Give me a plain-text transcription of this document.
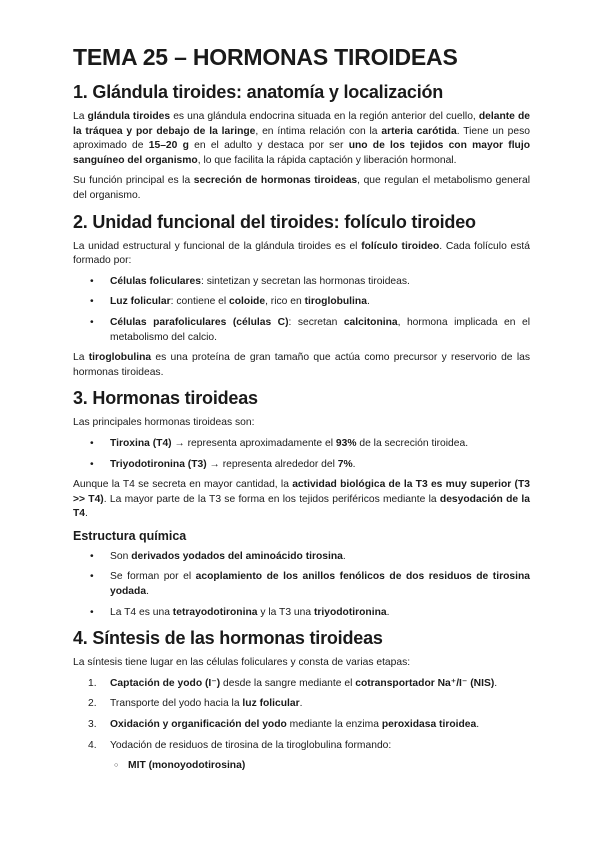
TEMA 25 – HORMONAS TIROIDEAS
1. Glándula tiroides: anatomía y localización

La glándula tiroides es una glándula endocrina situada en la región anterior del cuello, delante de la tráquea y por debajo de la laringe, en íntima relación con la arteria carótida. Tiene un peso aproximado de 15–20 g en el adulto y destaca por ser uno de los tejidos con mayor flujo sanguíneo del organismo, lo que facilita la rápida captación y liberación hormonal.

Su función principal es la secreción de hormonas tiroideas, que regulan el metabolismo general del organismo.

2. Unidad funcional del tiroides: folículo tiroideo

La unidad estructural y funcional de la glándula tiroides es el folículo tiroideo. Cada folículo está formado por:

• Células foliculares: sintetizan y secretan las hormonas tiroideas.
• Luz folicular: contiene el coloide, rico en tiroglobulina.
• Células parafoliculares (células C): secretan calcitonina, hormona implicada en el metabolismo del calcio.

La tiroglobulina es una proteína de gran tamaño que actúa como precursor y reservorio de las hormonas tiroideas.

3. Hormonas tiroideas

Las principales hormonas tiroideas son:

• Tiroxina (T4) → representa aproximadamente el 93% de la secreción tiroidea.
• Triyodotironina (T3) → representa alrededor del 7%.

Aunque la T4 se secreta en mayor cantidad, la actividad biológica de la T3 es muy superior (T3 >> T4). La mayor parte de la T3 se forma en los tejidos periféricos mediante la desyodación de la T4.

Estructura química
• Son derivados yodados del aminoácido tirosina.
• Se forman por el acoplamiento de los anillos fenólicos de dos residuos de tirosina yodada.
• La T4 es una tetrayodotironina y la T3 una triyodotironina.
4. Síntesis de las hormonas tiroideas

La síntesis tiene lugar en las células foliculares y consta de varias etapas:

1. Captación de yodo (I⁻) desde la sangre mediante el cotransportador Na⁺/I⁻ (NIS).
2. Transporte del yodo hacia la luz folicular.
3. Oxidación y organificación del yodo mediante la enzima peroxidasa tiroidea.
4. Yodación de residuos de tirosina de la tiroglobulina formando:
○ MIT (monoyodotirosina)
